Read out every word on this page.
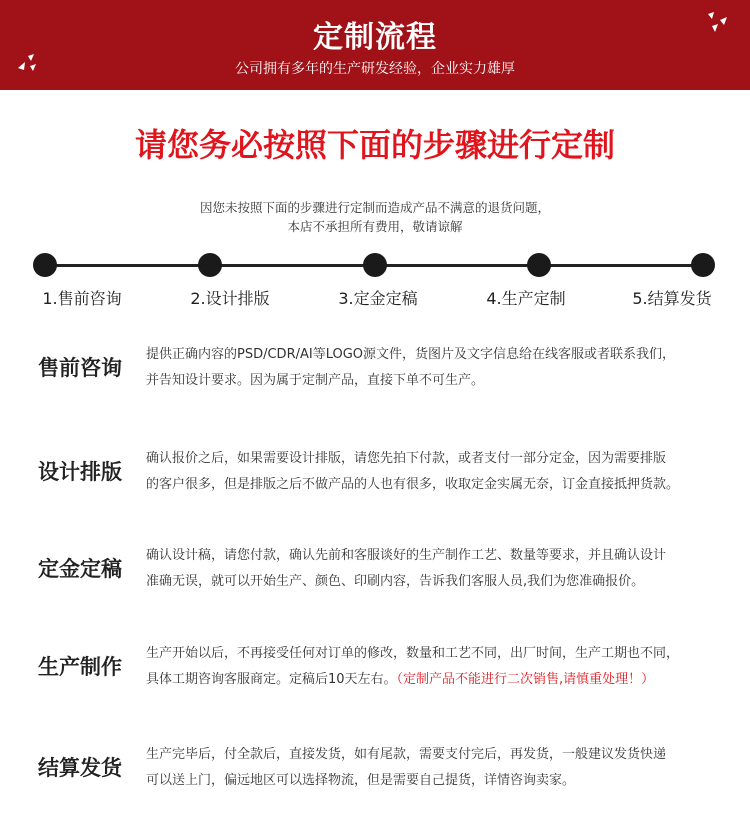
定制流程
公司拥有多年的生产研发经验，企业实力雄厚
请您务必按照下面的步骤进行定制
因您未按照下面的步骤进行定制而造成产品不满意的退货问题，
本店不承担所有费用，敬请谅解
1.售前咨询	2.设计排版	3.定金定稿	4.生产定制	5.结算发货
售前咨询
提供正确内容的PSD/CDR/AI等LOGO源文件，货图片及文字信息给在线客服或者联系我们，
并告知设计要求。因为属于定制产品，直接下单不可生产。
设计排版
确认报价之后，如果需要设计排版，请您先拍下付款，或者支付一部分定金，因为需要排版
的客户很多，但是排版之后不做产品的人也有很多，收取定金实属无奈，订金直接抵押货款。
定金定稿
确认设计稿，请您付款，确认先前和客服谈好的生产制作工艺、数量等要求，并且确认设计
准确无误，就可以开始生产、颜色、印刷内容，告诉我们客服人员,我们为您准确报价。
生产制作
生产开始以后，不再接受任何对订单的修改，数量和工艺不同，出厂时间，生产工期也不同，
具体工期咨询客服商定。定稿后10天左右。（定制产品不能进行二次销售,请慎重处理！）
结算发货
生产完毕后，付全款后，直接发货，如有尾款，需要支付完后，再发货，一般建议发货快递
可以送上门，偏远地区可以选择物流，但是需要自己提货，详情咨询卖家。
